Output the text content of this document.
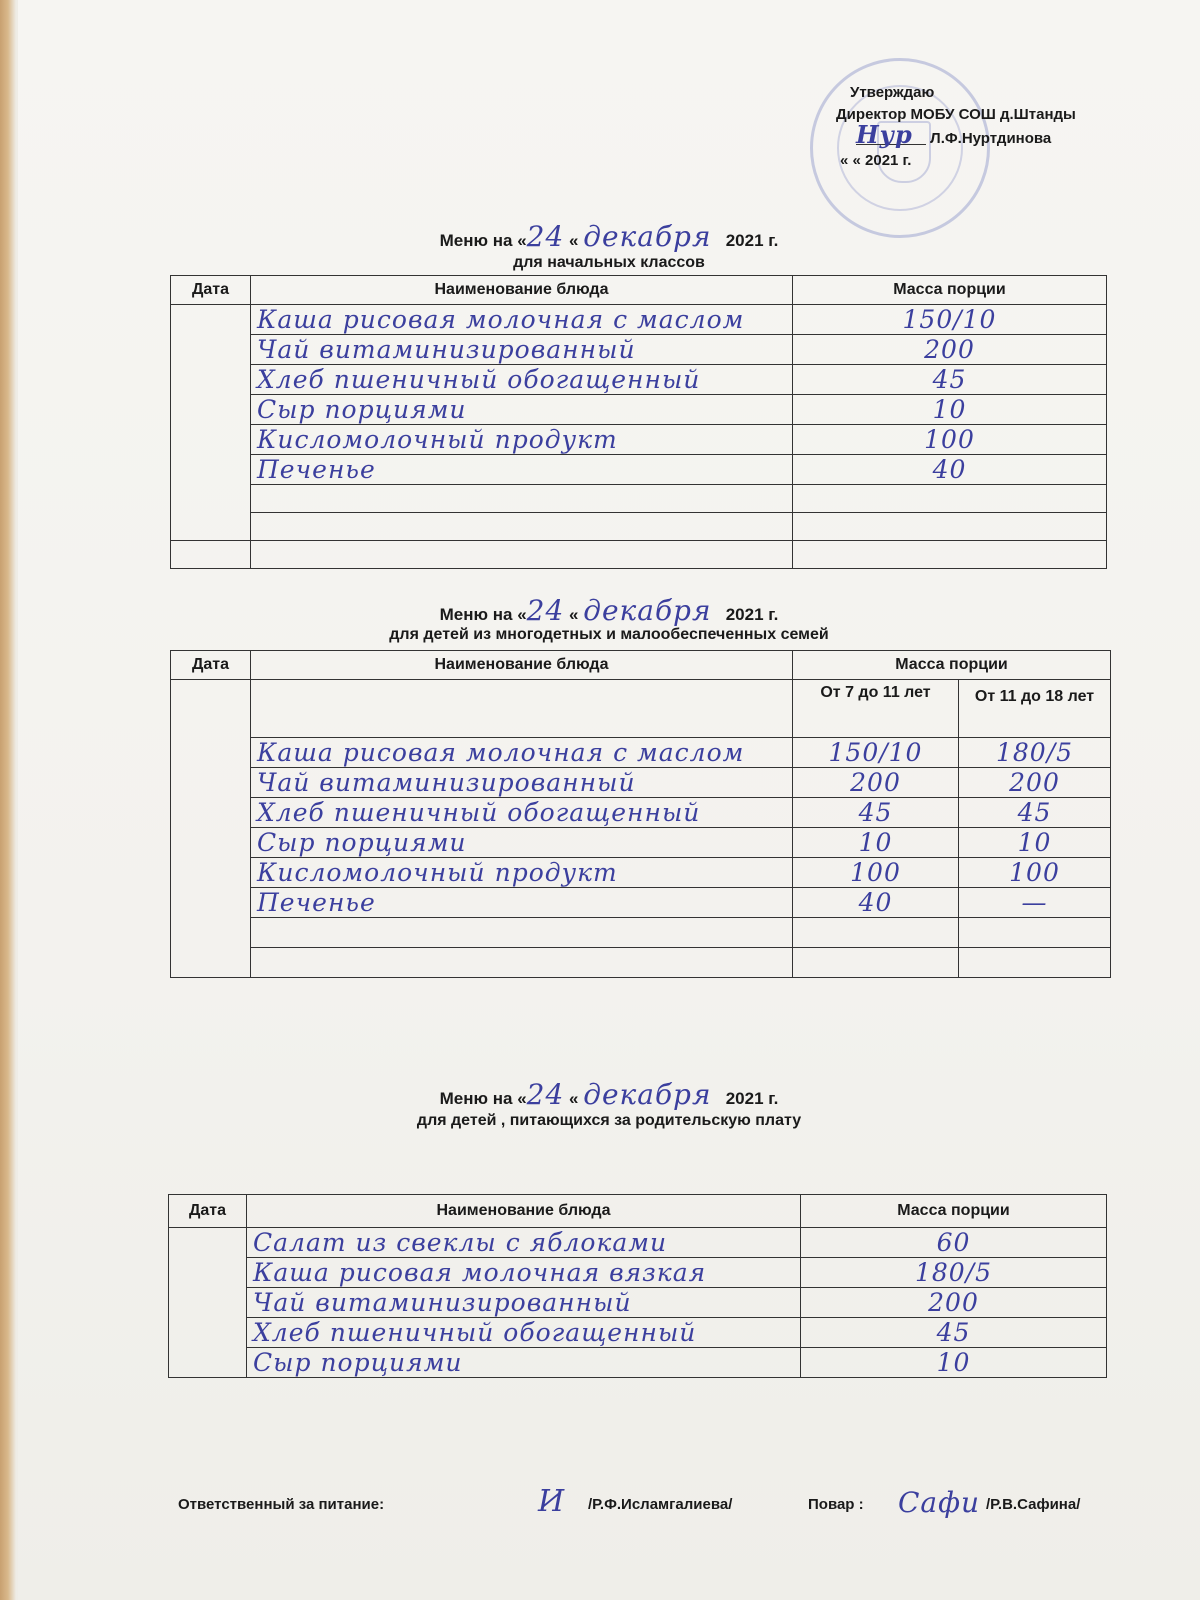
Утверждаю
Директор МОБУ СОШ д.Штанды
Нур Л.Ф.Нуртдинова
« « 2021 г.
Меню на «24 « декабря 2021 г.
для начальных классов
Дата	Наименование блюда	Масса порции
	Каша рисовая молочная с маслом	150/10
	Чай витаминизированный	200
	Хлеб пшеничный обогащенный	45
	Сыр порциями	10
	Кисломолочный продукт	100
	Печенье	40

Меню на «24 « декабря 2021 г.
для детей из многодетных и малообеспеченных семей
Дата	Наименование блюда	Масса порции	
		От 7 до 11 лет	От 11 до 18 лет
	Каша рисовая молочная с маслом	150/10	180/5
	Чай витаминизированный	200	200
	Хлеб пшеничный обогащенный	45	45
	Сыр порциями	10	10
	Кисломолочный продукт	100	100
	Печенье	40	—

Меню на «24 « декабря 2021 г.
для детей , питающихся за родительскую плату
Дата	Наименование блюда	Масса порции
	Салат из свеклы с яблоками	60
	Каша рисовая молочная вязкая	180/5
	Чай витаминизированный	200
	Хлеб пшеничный обогащенный	45
	Сыр порциями	10
Ответственный за питание:	И /Р.Ф.Исламгалиева/	Повар : Сафи /Р.В.Сафина/
